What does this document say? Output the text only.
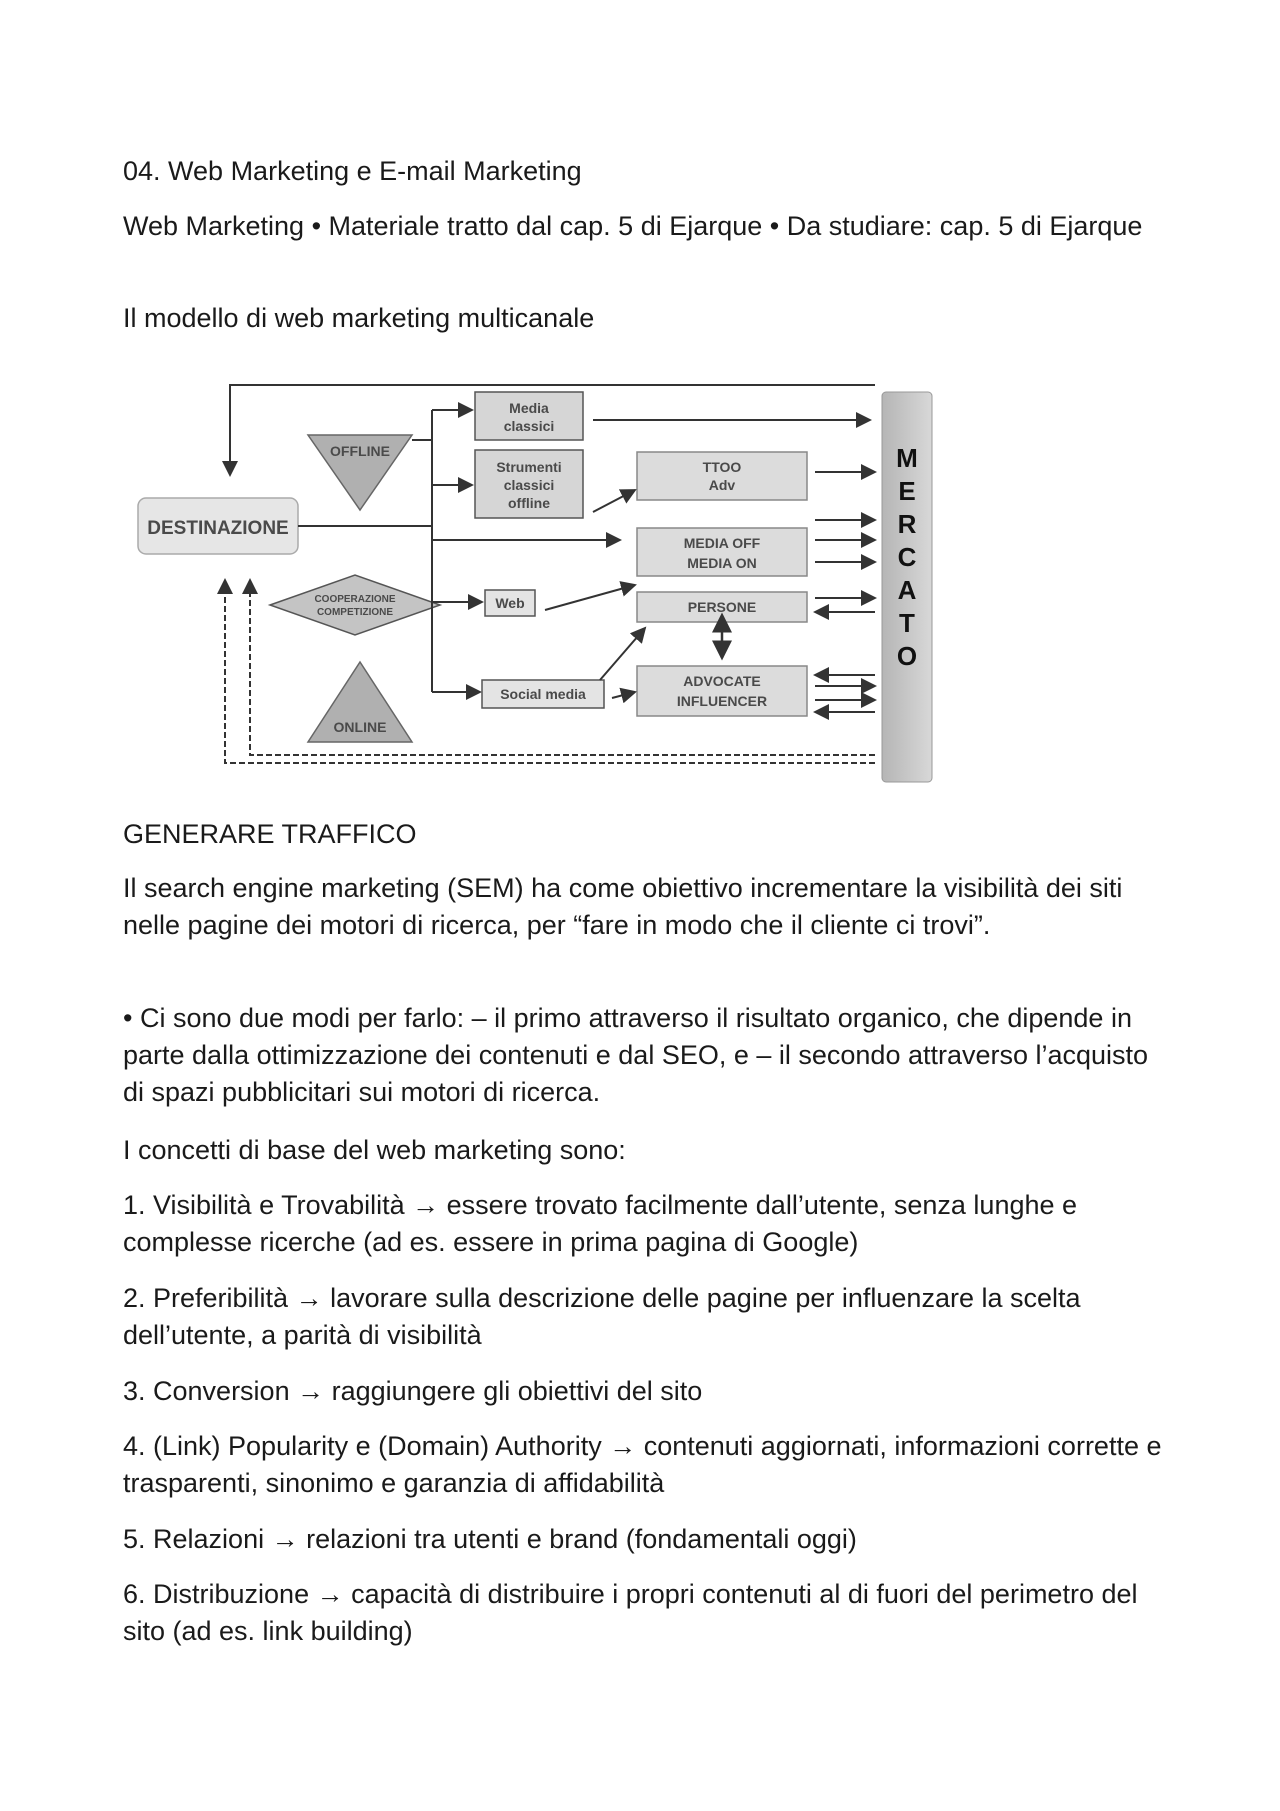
04. Web Marketing e E-mail Marketing

Web Marketing • Materiale tratto dal cap. 5 di Ejarque • Da studiare: cap. 5 di Ejarque

Il modello di web marketing multicanale

M
E
R
C
A
T
O
DESTINAZIONE
OFFLINE
COOPERAZIONE
COMPETIZIONE
ONLINE
Media
classici
Strumenti
classici
offline
Web
Social media
TTOO
Adv
MEDIA OFF
MEDIA ON
PERSONE
ADVOCATE
INFLUENCER

GENERARE TRAFFICO

Il search engine marketing (SEM) ha come obiettivo incrementare la visibilità dei siti nelle pagine dei motori di ricerca, per “fare in modo che il cliente ci trovi”.

• Ci sono due modi per farlo: – il primo attraverso il risultato organico, che dipende in parte dalla ottimizzazione dei contenuti e dal SEO, e – il secondo attraverso l’acquisto di spazi pubblicitari sui motori di ricerca.

I concetti di base del web marketing sono:

1. Visibilità e Trovabilità → essere trovato facilmente dall’utente, senza lunghe e complesse ricerche (ad es. essere in prima pagina di Google)

2. Preferibilità → lavorare sulla descrizione delle pagine per influenzare la scelta dell’utente, a parità di visibilità

3. Conversion → raggiungere gli obiettivi del sito

4. (Link) Popularity e (Domain) Authority → contenuti aggiornati, informazioni corrette e trasparenti, sinonimo e garanzia di affidabilità

5. Relazioni → relazioni tra utenti e brand (fondamentali oggi)

6. Distribuzione → capacità di distribuire i propri contenuti al di fuori del perimetro del sito (ad es. link building)
